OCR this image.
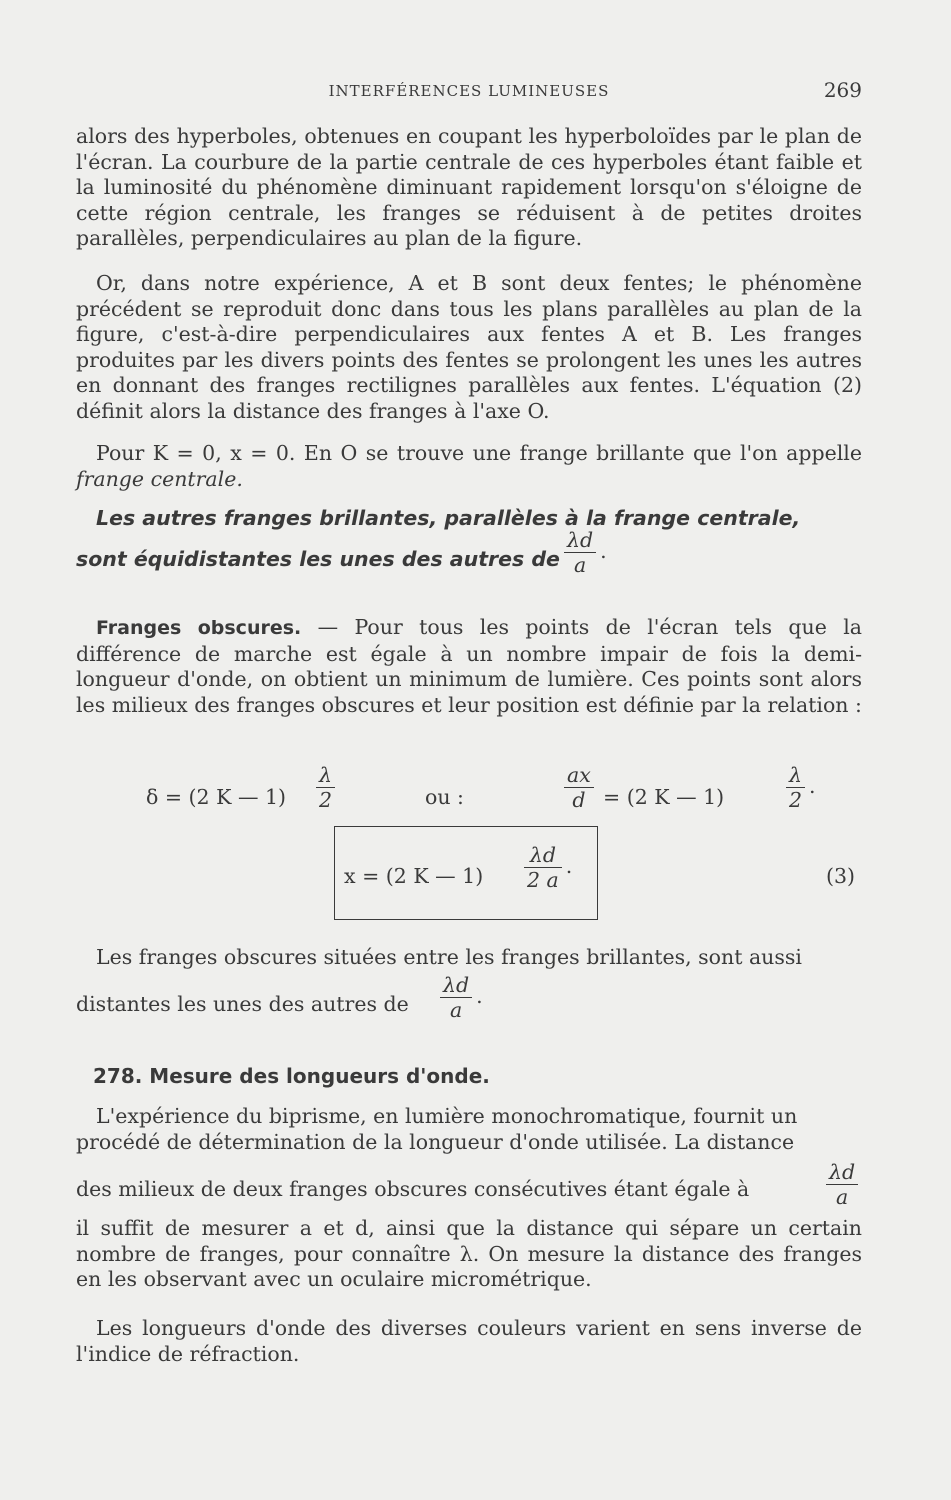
INTERFÉRENCES LUMINEUSES	269

alors des hyperboles, obtenues en coupant les hyperboloïdes par le plan de l'écran. La courbure de la partie centrale de ces hyperboles étant faible et la luminosité du phénomène diminuant rapidement lorsqu'on s'éloigne de cette région centrale, les franges se réduisent à de petites droites parallèles, perpendiculaires au plan de la figure.

Or, dans notre expérience, A et B sont deux fentes; le phénomène précédent se reproduit donc dans tous les plans parallèles au plan de la figure, c'est-à-dire perpendiculaires aux fentes A et B. Les franges produites par les divers points des fentes se prolongent les unes les autres en donnant des franges rectilignes parallèles aux fentes. L'équation (2) définit alors la distance des franges à l'axe O.

Pour K = 0, x = 0. En O se trouve une frange brillante que l'on appelle frange centrale.

Les autres franges brillantes, parallèles à la frange centrale,
sont équidistantes les unes des autres de $\frac{\lambda d}{a}$ .

Franges obscures. — Pour tous les points de l'écran tels que la différence de marche est égale à un nombre impair de fois la demi-longueur d'onde, on obtient un minimum de lumière. Ces points sont alors les milieux des franges obscures et leur position est définie par la relation :

δ = (2 K — $1) \frac{\lambda}{2}$	ou :	$\frac{ax}{d} = (2$ K — 1)	$\frac{\lambda}{2}$ .
x = (2 K — $1) \frac{\lambda d}{2 a}$ .	(3)
Les franges obscures situées entre les franges brillantes, sont aussi
distantes les unes des autres de $\frac{\lambda d}{a}$ .
278. Mesure des longueurs d'onde.
L'expérience du biprisme, en lumière monochromatique, fournit un
procédé de détermination de la longueur d'onde utilisée. La distance
des milieux de deux franges obscures consécutives étant égale à	$\frac{\lambda d}{a}$

il suffit de mesurer a et d, ainsi que la distance qui sépare un certain nombre de franges, pour connaître λ. On mesure la distance des franges en les observant avec un oculaire micrométrique.

Les longueurs d'onde des diverses couleurs varient en sens inverse de l'indice de réfraction.
